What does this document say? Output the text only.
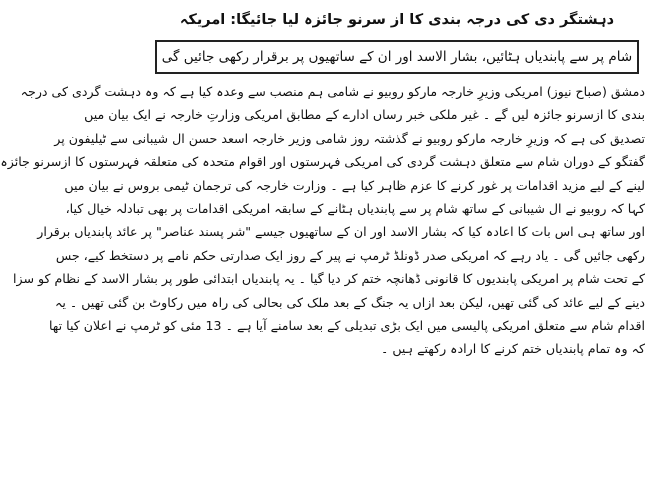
دہشتگر دی کی درجہ بندی کا از سرنو جائزہ لیا جائیگا: امریکہ
شام پر سے پابندیاں ہٹائیں، بشار الاسد اور ان کے ساتھیوں پر برقرار رکھی جائیں گی
دمشق (صباح نیوز) امریکی وزیرِ خارجہ مارکو روبیو نے شامی ہم منصب سے وعدہ کیا ہے کہ وہ دہشت گردی کی درجہ
بندی کا ازسرنو جائزہ لیں گے ۔ غیر ملکی خبر رساں ادارے کے مطابق امریکی وزارتِ خارجہ نے ایک بیان میں
تصدیق کی ہے کہ وزیرِ خارجہ مارکو روبیو نے گذشتہ روز شامی وزیر خارجہ اسعد حسن ال شیبانی سے ٹیلیفون پر
گفتگو کے دوران شام سے متعلق دہشت گردی کی امریکی فہرستوں اور اقوام متحدہ کی متعلقہ فہرستوں کا ازسرنو جائزہ
لینے کے لیے مزید اقدامات پر غور کرنے کا عزم ظاہر کیا ہے ۔ وزارت خارجہ کی ترجمان ٹیمی بروس نے بیان میں
کہا کہ روبیو نے ال شیبانی کے ساتھ شام پر سے پابندیاں ہٹانے کے سابقہ امریکی اقدامات پر بھی تبادلہ خیال کیا،
اور ساتھ ہی اس بات کا اعادہ کیا کہ بشار الاسد اور ان کے ساتھیوں جیسے "شر پسند عناصر" پر عائد پابندیاں برقرار
رکھی جائیں گی ۔ یاد رہے کہ امریکی صدر ڈونلڈ ٹرمپ نے پیر کے روز ایک صدارتی حکم نامے پر دستخط کیے، جس
کے تحت شام پر امریکی پابندیوں کا قانونی ڈھانچہ ختم کر دیا گیا ۔ یہ پابندیاں ابتدائی طور پر بشار الاسد کے نظام کو سزا
دینے کے لیے عائد کی گئی تھیں، لیکن بعد ازاں یہ جنگ کے بعد ملک کی بحالی کی راہ میں رکاوٹ بن گئی تھیں ۔ یہ
اقدام شام سے متعلق امریکی پالیسی میں ایک بڑی تبدیلی کے بعد سامنے آیا ہے ۔ 13 مئی کو ٹرمپ نے اعلان کیا تھا
کہ وہ تمام پابندیاں ختم کرنے کا ارادہ رکھتے ہیں ۔
